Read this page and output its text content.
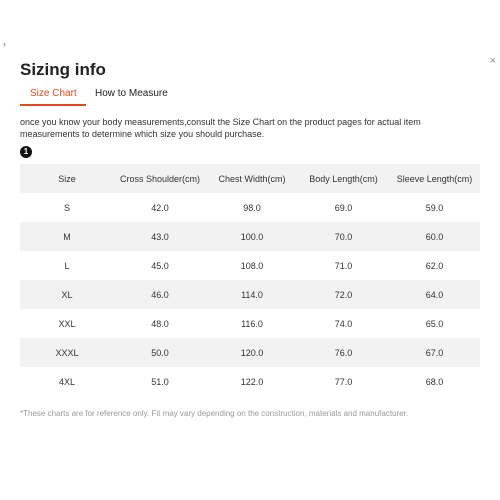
›
×
Sizing info
Size Chart How to Measure

once you know your body measurements,consult the Size Chart on the product pages for actual item measurements to determine which size you should purchase.

1
Size	Cross Shoulder(cm)	Chest Width(cm)	Body Length(cm)	Sleeve Length(cm)
S	42.0	98.0	69.0	59.0
M	43.0	100.0	70.0	60.0
L	45.0	108.0	71.0	62.0
XL	46.0	114.0	72.0	64.0
XXL	48.0	116.0	74.0	65.0
XXXL	50.0	120.0	76.0	67.0
4XL	51.0	122.0	77.0	68.0

*These charts are for reference only. Fit may vary depending on the construction, materials and manufacturer.
